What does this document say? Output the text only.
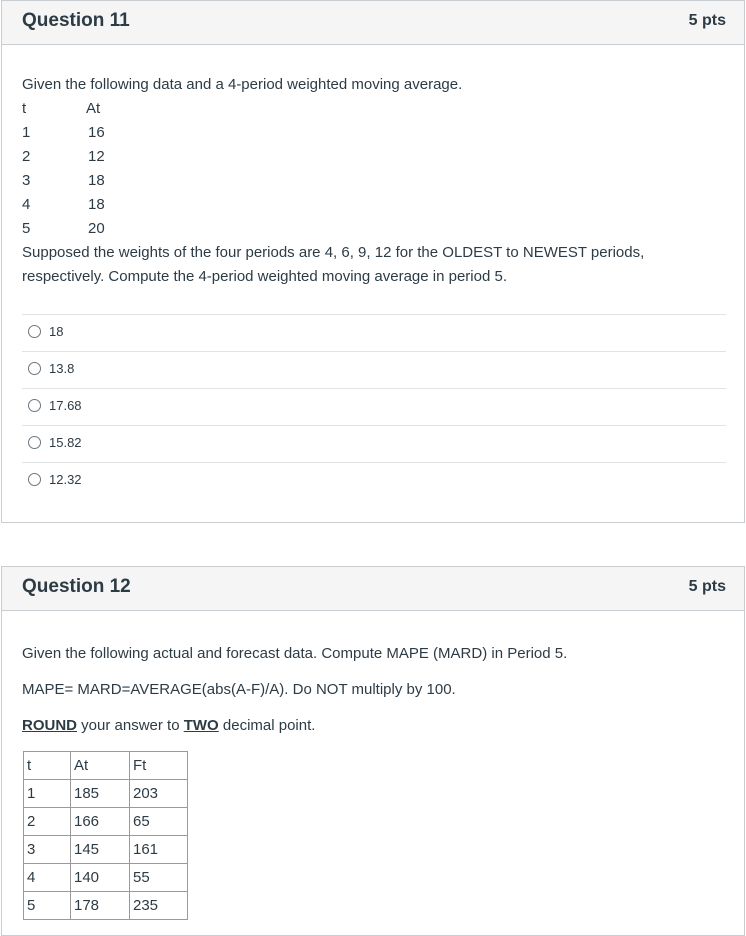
Question 11	5 pts
Given the following data and a 4-period weighted moving average.
t	At
1	16
2	12
3	18
4	18
5	20
Supposed the weights of the four periods are 4, 6, 9, 12 for the OLDEST to NEWEST periods,
respectively. Compute the 4-period weighted moving average in period 5.
18
13.8
17.68
15.82
12.32
Question 12	5 pts
Given the following actual and forecast data. Compute MAPE (MARD) in Period 5.
MAPE= MARD=AVERAGE(abs(A-F)/A). Do NOT multiply by 100.
ROUND your answer to TWO decimal point.
t	At	Ft
1	185	203
2	166	65
3	145	161
4	140	55
5	178	235
